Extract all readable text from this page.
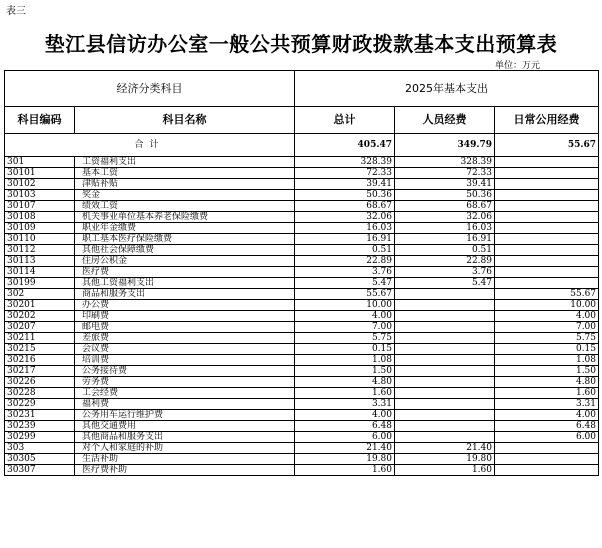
表三
垫江县信访办公室一般公共预算财政拨款基本支出预算表
单位：万元
经济分类科目		2025年基本支出		
科目编码	科目名称	总计	人员经费	日常公用经费
合计		405.47	349.79	55.67
301	工资福利支出	328.39	328.39	
30101	基本工资	72.33	72.33	
30102	津贴补贴	39.41	39.41	
30103	奖金	50.36	50.36	
30107	绩效工资	68.67	68.67	
30108	机关事业单位基本养老保险缴费	32.06	32.06	
30109	职业年金缴费	16.03	16.03	
30110	职工基本医疗保险缴费	16.91	16.91	
30112	其他社会保障缴费	0.51	0.51	
30113	住房公积金	22.89	22.89	
30114	医疗费	3.76	3.76	
30199	其他工资福利支出	5.47	5.47	
302	商品和服务支出	55.67		55.67
30201	办公费	10.00		10.00
30202	印刷费	4.00		4.00
30207	邮电费	7.00		7.00
30211	差旅费	5.75		5.75
30215	会议费	0.15		0.15
30216	培训费	1.08		1.08
30217	公务接待费	1.50		1.50
30226	劳务费	4.80		4.80
30228	工会经费	1.60		1.60
30229	福利费	3.31		3.31
30231	公务用车运行维护费	4.00		4.00
30239	其他交通费用	6.48		6.48
30299	其他商品和服务支出	6.00		6.00
303	对个人和家庭的补助	21.40	21.40	
30305	生活补助	19.80	19.80	
30307	医疗费补助	1.60	1.60	
